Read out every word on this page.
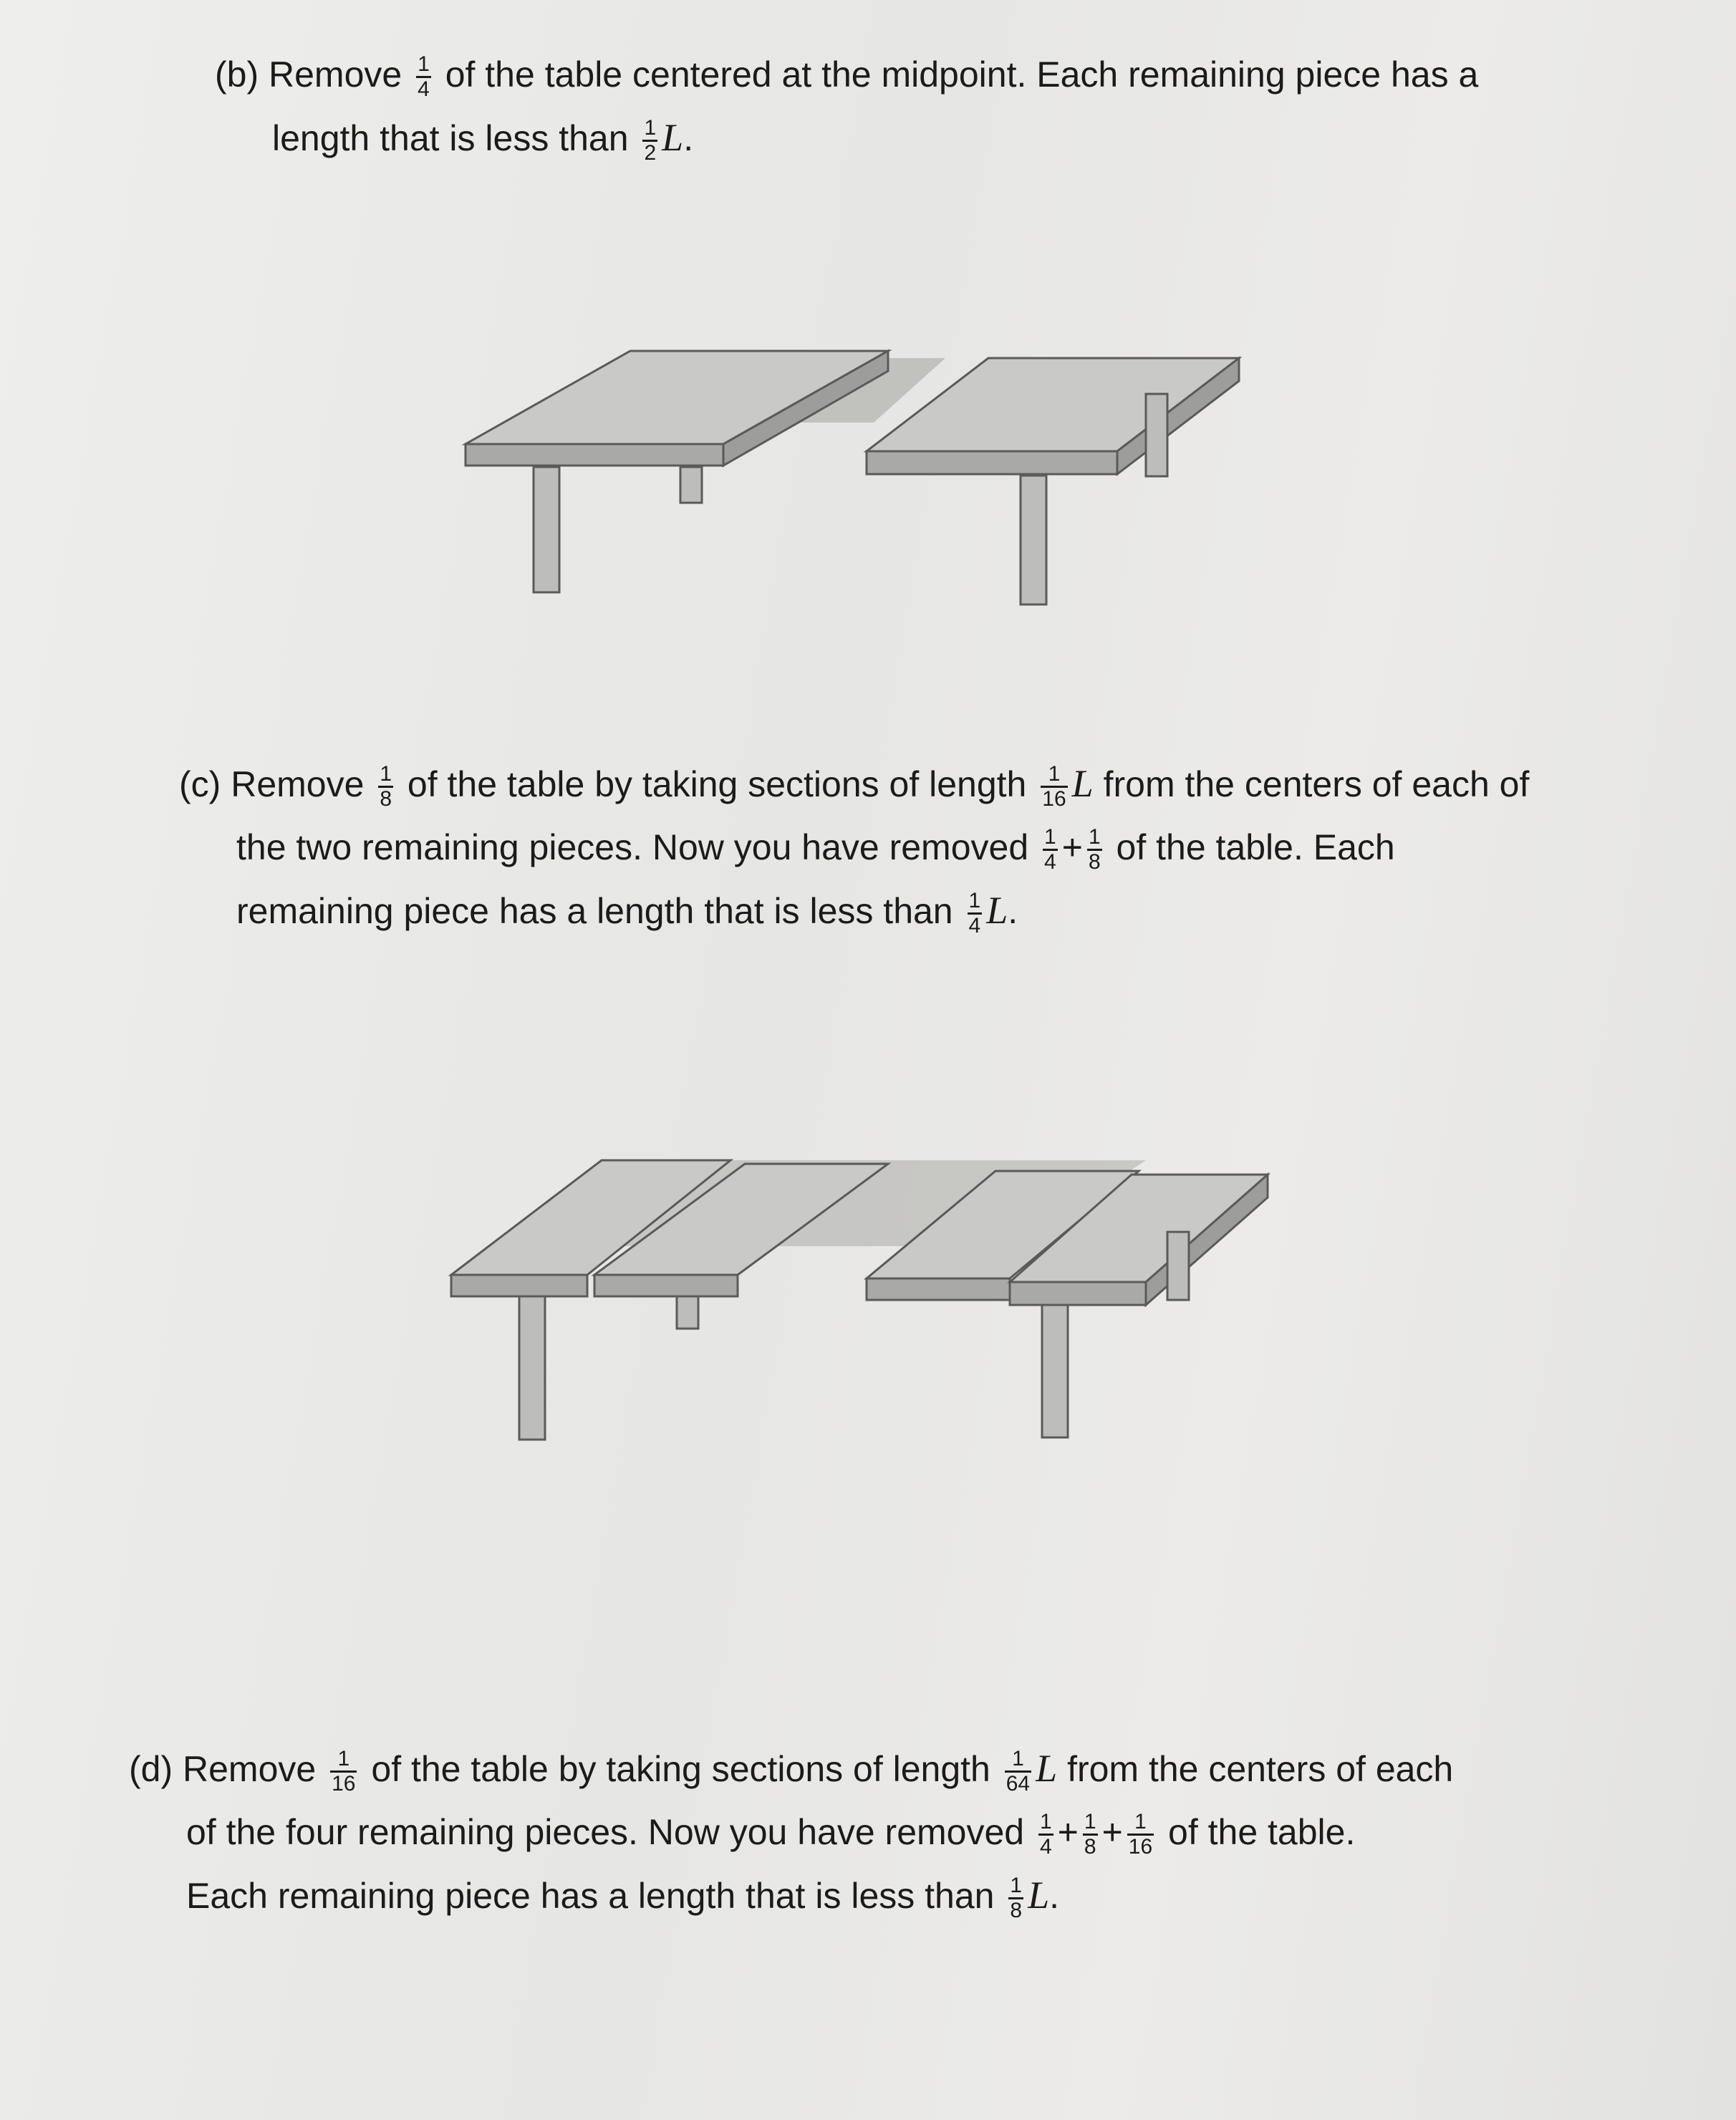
(b) Remove $\frac{1}{4}$ of the table centered at the midpoint. Each remaining piece has a
length that is less than $\frac{1}{2} L$.
(c) Remove $\frac{1}{8}$ of the table by taking sections of length $\frac{1}{16}$ L from the centers of each of
the two remaining pieces. Now you have removed $\frac{1}{4} + \frac{1}{8}$ of the table. Each
remaining piece has a length that is less than $\frac{1}{4} L$.
(d) Remove $\frac{1}{16}$ of the table by taking sections of length $\frac{1}{64}$ L from the centers of each
of the four remaining pieces. Now you have removed $\frac{1}{4} + \frac{1}{8} + \frac{1}{16}$ of the table.
Each remaining piece has a length that is less than $\frac{1}{8} L$.
